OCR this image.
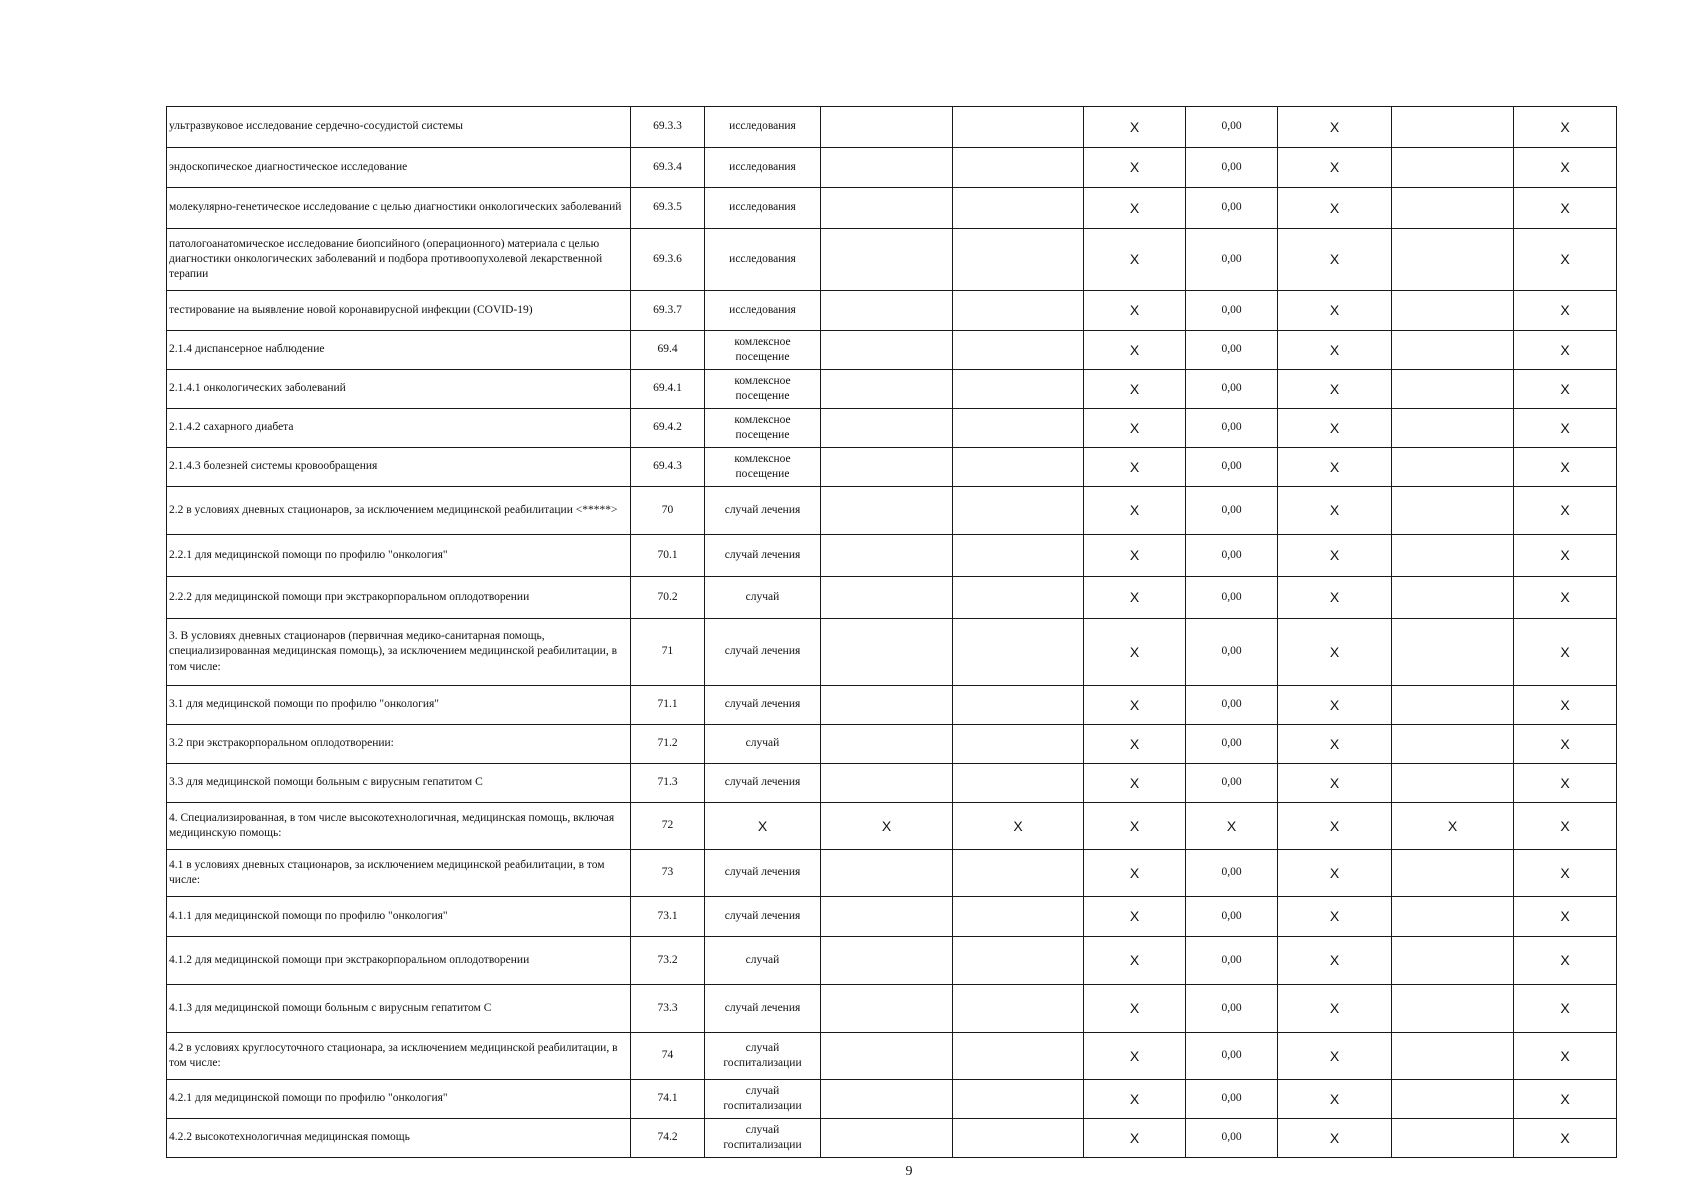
ультразвуковое исследование сердечно-сосудистой системы	69.3.3	исследования			X	0,00	X		X
эндоскопическое диагностическое исследование	69.3.4	исследования			X	0,00	X		X
молекулярно-генетическое исследование с целью диагностики онкологических заболеваний	69.3.5	исследования			X	0,00	X		X
патологоанатомическое исследование биопсийного (операционного) материала с целью диагностики онкологических заболеваний и подбора противоопухолевой лекарственной терапии	69.3.6	исследования			X	0,00	X		X
тестирование на выявление новой коронавирусной инфекции (COVID-19)	69.3.7	исследования			X	0,00	X		X
2.1.4 диспансерное наблюдение	69.4	комлексное посещение			X	0,00	X		X
2.1.4.1 онкологических заболеваний	69.4.1	комлексное посещение			X	0,00	X		X
2.1.4.2 сахарного диабета	69.4.2	комлексное посещение			X	0,00	X		X
2.1.4.3 болезней системы кровообращения	69.4.3	комлексное посещение			X	0,00	X		X
2.2 в условиях дневных стационаров, за исключением медицинской реабилитации <*****>	70	случай лечения			X	0,00	X		X
2.2.1 для медицинской помощи по профилю "онкология"	70.1	случай лечения			X	0,00	X		X
2.2.2 для медицинской помощи при экстракорпоральном оплодотворении	70.2	случай			X	0,00	X		X
3. В условиях дневных стационаров (первичная медико-санитарная помощь, специализированная медицинская помощь), за исключением медицинской реабилитации, в том числе:	71	случай лечения			X	0,00	X		X
3.1 для медицинской помощи по профилю "онкология"	71.1	случай лечения			X	0,00	X		X
3.2 при экстракорпоральном оплодотворении:	71.2	случай			X	0,00	X		X
3.3 для медицинской помощи больным с вирусным гепатитом C	71.3	случай лечения			X	0,00	X		X
4. Специализированная, в том числе высокотехнологичная, медицинская помощь, включая медицинскую помощь:	72	X	X	X	X	X	X	X	X
4.1 в условиях дневных стационаров, за исключением медицинской реабилитации, в том числе:	73	случай лечения			X	0,00	X		X
4.1.1 для медицинской помощи по профилю "онкология"	73.1	случай лечения			X	0,00	X		X
4.1.2 для медицинской помощи при экстракорпоральном оплодотворении	73.2	случай			X	0,00	X		X
4.1.3 для медицинской помощи больным с вирусным гепатитом C	73.3	случай лечения			X	0,00	X		X
4.2 в условиях круглосуточного стационара, за исключением медицинской реабилитации, в том числе:	74	случай госпитализации			X	0,00	X		X
4.2.1 для медицинской помощи по профилю "онкология"	74.1	случай госпитализации			X	0,00	X		X
4.2.2 высокотехнологичная медицинская помощь	74.2	случай госпитализации			X	0,00	X		X
9
